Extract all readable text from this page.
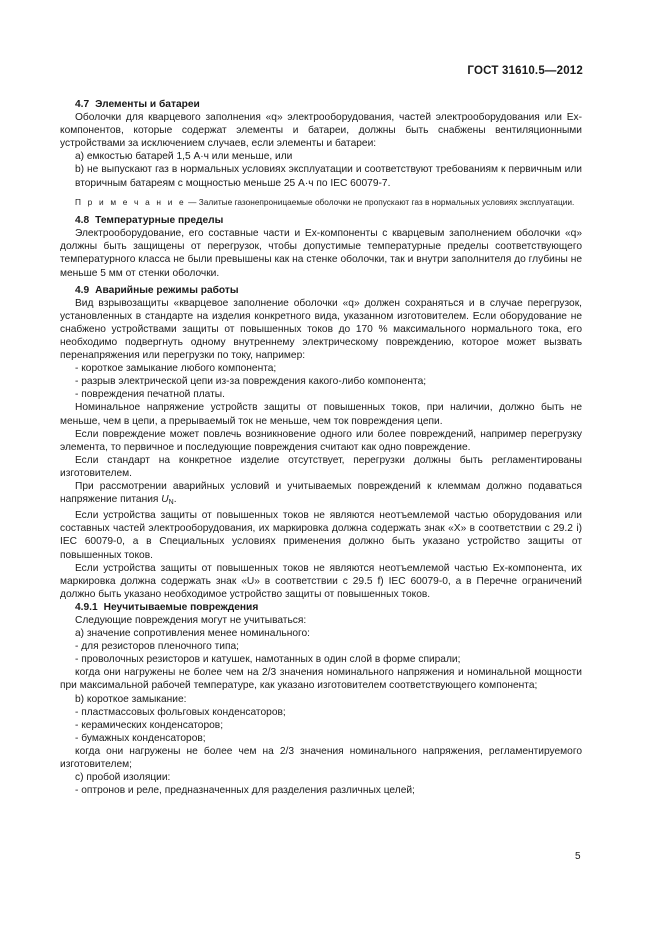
ГОСТ 31610.5—2012

4.7 Элементы и батареи

Оболочки для кварцевого заполнения «q» электрооборудования, частей электрооборудования или Ex-компонентов, которые содержат элементы и батареи, должны быть снабжены вентиляционными устройствами за исключением случаев, если элементы и батареи:

а) емкостью батарей 1,5 А·ч или меньше, или

b) не выпускают газ в нормальных условиях эксплуатации и соответствуют требованиям к первичным или вторичным батареям с мощностью меньше 25 А·ч по IEC 60079-7.

П р и м е ч а н и е — Залитые газонепроницаемые оболочки не пропускают газ в нормальных условиях эксплуатации.

4.8 Температурные пределы

Электрооборудование, его составные части и Ex-компоненты с кварцевым заполнением оболочки «q» должны быть защищены от перегрузок, чтобы допустимые температурные пределы соответствующего температурного класса не были превышены как на стенке оболочки, так и внутри заполнителя до глубины не меньше 5 мм от стенки оболочки.

4.9 Аварийные режимы работы

Вид взрывозащиты «кварцевое заполнение оболочки «q» должен сохраняться и в случае перегрузок, установленных в стандарте на изделия конкретного вида, указанном изготовителем. Если оборудование не снабжено устройствами защиты от повышенных токов до 170 % максимального нормального тока, его необходимо подвергнуть одному внутреннему электрическому повреждению, которое может вызвать перенапряжения или перегрузки по току, например:

- короткое замыкание любого компонента;

- разрыв электрической цепи из-за повреждения какого-либо компонента;

- повреждения печатной платы.

Номинальное напряжение устройств защиты от повышенных токов, при наличии, должно быть не меньше, чем в цепи, а прерываемый ток не меньше, чем ток повреждения цепи.

Если повреждение может повлечь возникновение одного или более повреждений, например перегрузку элемента, то первичное и последующие повреждения считают как одно повреждение.

Если стандарт на конкретное изделие отсутствует, перегрузки должны быть регламентированы изготовителем.

При рассмотрении аварийных условий и учитываемых повреждений к клеммам должно подаваться напряжение питания $U_N$.

Если устройства защиты от повышенных токов не являются неотъемлемой частью оборудования или составных частей электрооборудования, их маркировка должна содержать знак «X» в соответствии с 29.2 i) IEC 60079-0, а в Специальных условиях применения должно быть указано устройство защиты от повышенных токов.

Если устройства защиты от повышенных токов не являются неотъемлемой частью Ex-компонента, их маркировка должна содержать знак «U» в соответствии с 29.5 f) IEC 60079-0, а в Перечне ограничений должно быть указано необходимое устройство защиты от повышенных токов.

4.9.1 Неучитываемые повреждения

Следующие повреждения могут не учитываться:

а) значение сопротивления менее номинального:

- для резисторов пленочного типа;

- проволочных резисторов и катушек, намотанных в один слой в форме спирали;

когда они нагружены не более чем на 2/3 значения номинального напряжения и номинальной мощности при максимальной рабочей температуре, как указано изготовителем соответствующего компонента;

b) короткое замыкание:

- пластмассовых фольговых конденсаторов;

- керамических конденсаторов;

- бумажных конденсаторов;

когда они нагружены не более чем на 2/3 значения номинального напряжения, регламентируемого изготовителем;

c) пробой изоляции:

- оптронов и реле, предназначенных для разделения различных целей;

5
